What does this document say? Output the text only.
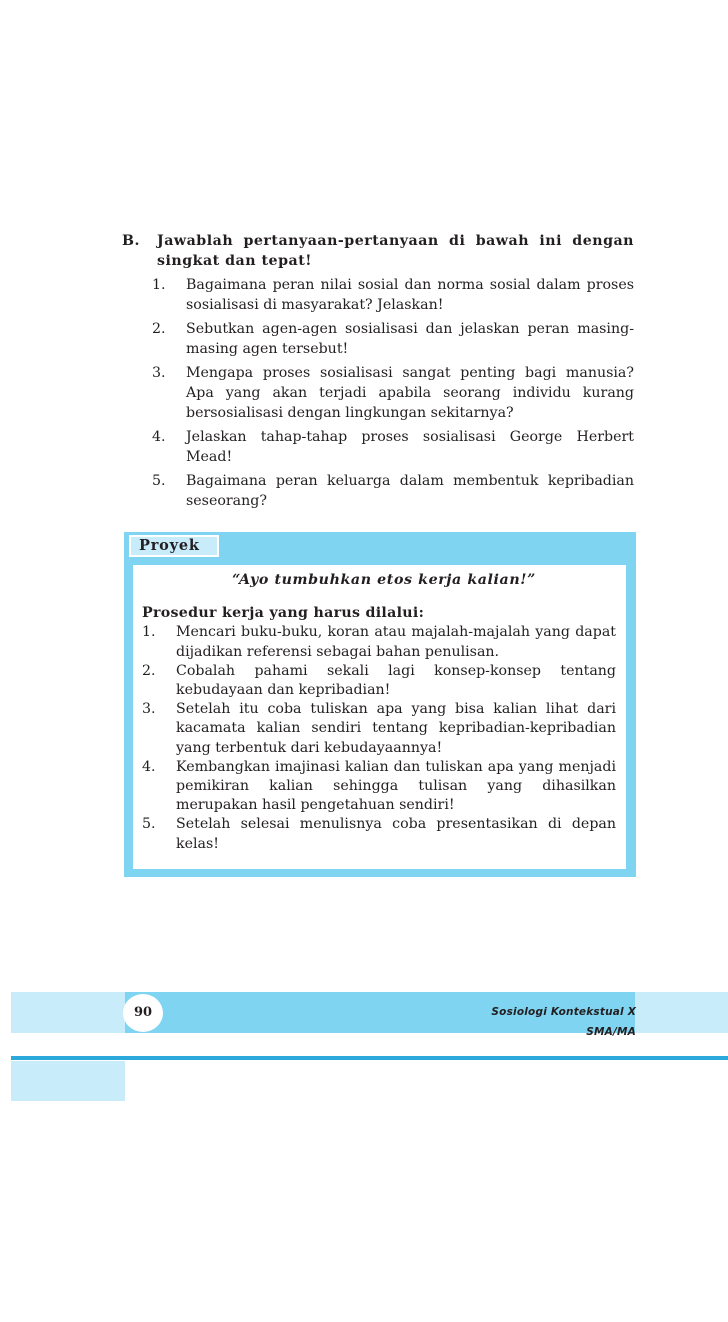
B.	Jawablah pertanyaan-pertanyaan di bawah ini dengan singkat dan tepat!
1.	Bagaimana peran nilai sosial dan norma sosial dalam proses sosialisasi di masyarakat? Jelaskan!
2.	Sebutkan agen-agen sosialisasi dan jelaskan peran masing-masing agen tersebut!
3.	Mengapa proses sosialisasi sangat penting bagi manusia? Apa yang akan terjadi apabila seorang individu kurang bersosialisasi dengan lingkungan sekitarnya?
4.	Jelaskan tahap-tahap proses sosialisasi George Herbert Mead!
5.	Bagaimana peran keluarga dalam membentuk kepribadian seseorang?
Proyek
“Ayo tumbuhkan etos kerja kalian!”
Prosedur kerja yang harus dilalui:
1.	Mencari buku-buku, koran atau majalah-majalah yang dapat dijadikan referensi sebagai bahan penulisan.
2.	Cobalah pahami sekali lagi konsep-konsep tentang kebudayaan dan kepribadian!
3.	Setelah itu coba tuliskan apa yang bisa kalian lihat dari kacamata kalian sendiri tentang kepribadian-kepribadian yang terbentuk dari kebudayaannya!
4.	Kembangkan imajinasi kalian dan tuliskan apa yang menjadi pemikiran kalian sehingga tulisan yang dihasilkan merupakan hasil pengetahuan sendiri!
5.	Setelah selesai menulisnya coba presentasikan di depan kelas!
90	Sosiologi Kontekstual X SMA/MA
